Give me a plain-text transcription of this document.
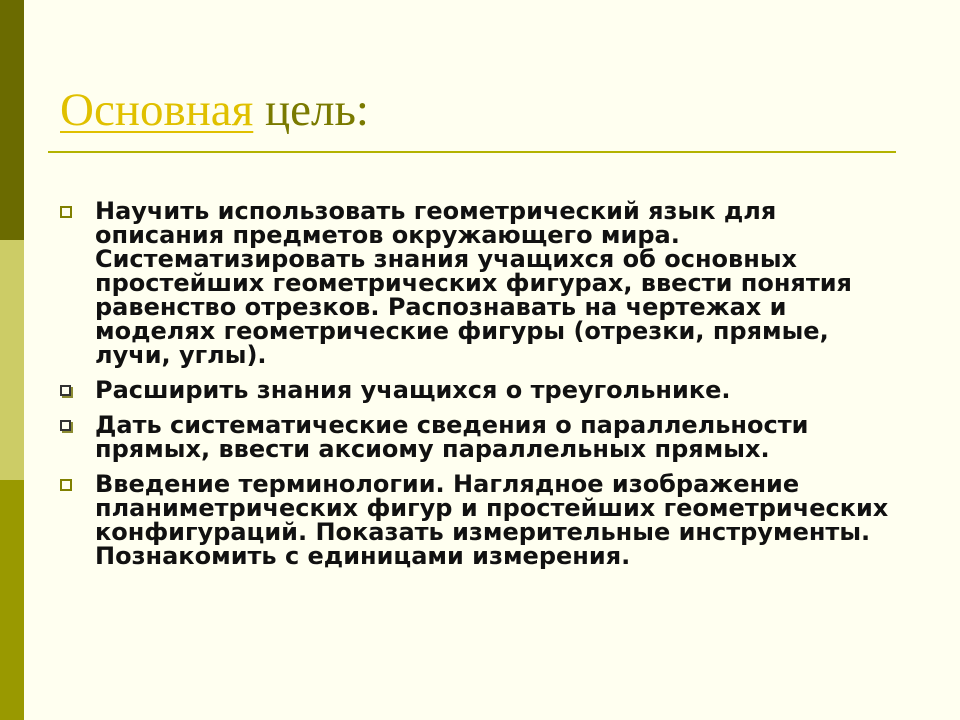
Основная цель:
Научить использовать геометрический язык для описания предметов окружающего мира. Систематизировать знания учащихся об основных простейших геометрических фигурах, ввести понятия равенство отрезков. Распознавать на чертежах и моделях геометрические фигуры (отрезки, прямые, лучи, углы).
Расширить знания учащихся о треугольнике.
Дать систематические сведения о параллельности прямых, ввести аксиому параллельных прямых.
Введение терминологии. Наглядное изображение планиметрических фигур и простейших геометрических конфигураций. Показать измерительные инструменты. Познакомить с единицами измерения.
